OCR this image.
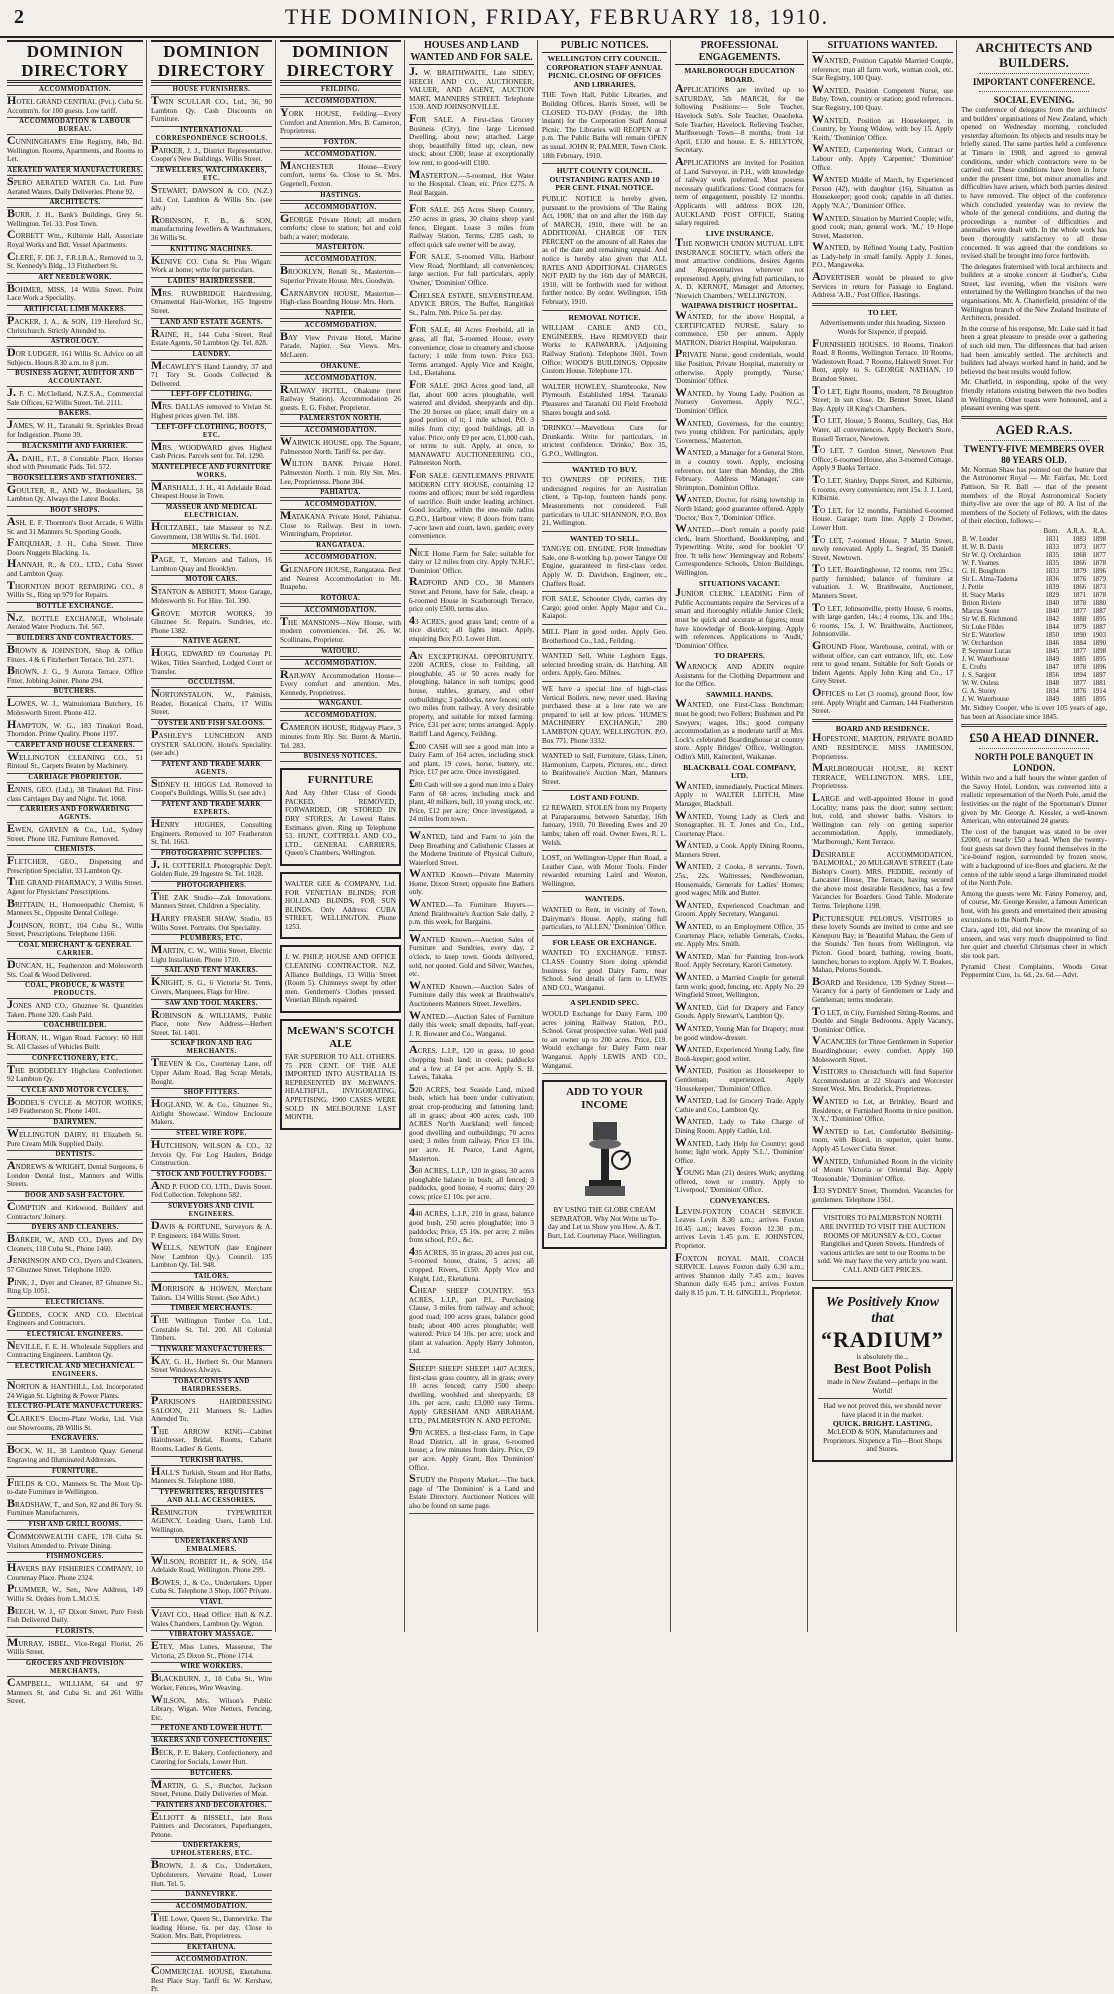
2	THE DOMINION, FRIDAY, FEBRUARY 18, 1910.
DOMINION DIRECTORY
ACCOMMODATION.
HOTEL GRAND CENTRAL (Pvt.). Cuba St. Accomm'n. for 100 guests. Low tariff.
ACCOMMODATION & LABOUR BUREAU.
CUNNINGHAM'S Elite Registry, 84b, Bd. Wellington. Rooms, Apartments, and Rooms to Let.
AERATED WATER MANUFACTURERS.
SPERO AERATED WATER Co. Ltd. Pure Aerated Waters. Daily Deliveries. Phone 92.
ARCHITECTS.
BURR, J. H., Bank's Buildings, Grey St. Wellington. Tel. 33. Post Town.
CORBETT Wm., Kilbirnie Hall, Associate Royal Works and Bdt. Vessel Apartments.
CLERE, F. DE J., F.R.I.B.A., Removed to 3, St. Kennedy's Bldg., 13 Fitzherbert St.
ART NEEDLEWORK.
BOHMER, MISS, 14 Willis Street. Point Lace Work a Speciality.
ARTIFICIAL LIMB MAKERS.
PACKER, J. A., & SON, 119 Hereford St., Christchurch. Strictly Attended to.
ASTROLOGY.
DOR LUDGER, 161 Willis St. Advice on all Subjects. Hours 8.30 a.m. to 8 p.m.
BUSINESS AGENT, AUDITOR AND ACCOUNTANT.
J. F. C. McClelland, N.Z.S.A., Commercial Sale Offices, 62 Willis Street. Tel. 2111.
BAKERS.
JAMES, W. H., Taranaki St. Sprinkles Bread for Indigestion. Phone 39.
BLACKSMITH AND FARRIER.
A. DAHL, F.T., 8 Constable Place. Horses shod with Pneumatic Pads. Tel. 572.
BOOKSELLERS AND STATIONERS.
GOULTER, R., AND W., Booksellers, 58 Lambton Qy. Always the Latest Books.
BOOT SHOPS.
ASH, E. F. Thornton's Boot Arcade, 6 Willis St. and 31 Manners St. Sporting Goods.
FARQUHAR, J. H., Cuba Street. Three Doors Nuggets Blacking. 1s.
HANNAH, R., & CO., LTD., Cuba Street and Lambton Quay.
THORNTON BOOT REPAIRING CO., 8 Willis St., Ring up 979 for Repairs.
BOTTLE EXCHANGE.
N.Z. BOTTLE EXCHANGE, Wholesale Aerated Water Products. Tel. 567.
BUILDERS AND CONTRACTORS.
BROWN & JOHNSTON, Shop & Office Fitters. 4 & 6 Fitzherbert Terrace. Tel. 2371.
BROWN, J. G., 9 Aurora Terrace. Office Fitter, Jobbing Joiner. Phone 294.
BUTCHERS.
LOWES, W. J., Wainuiomata Butchery, 16 Molesworth Street. Phone 412.
HAMPTON, W. G., 183 Tinakori Road, Thorndon. Prime Quality. Phone 1197.
CARPET AND HOUSE CLEANERS.
WELLINGTON CLEANING CO., 51 Rintoul St., Carpets Beaten by Machinery.
CARRIAGE PROPRIETOR.
ENNIS, GEO. (Ltd.), 38 Tinakori Rd. First-class Carriages Day and Night. Tel. 1068.
CARRIERS AND FORWARDING AGENTS.
EWEN, GARVEN & Co., Ltd., Sydney Street. Phone 182. Furniture Removed.
CHEMISTS.
FLETCHER, GEO., Dispensing and Prescription Specialist, 33 Lambton Qy.
THE GRAND PHARMACY, 3 Willis Street. Agent for Physicians' Prescriptions.
BRITTAIN, H., Homoeopathic Chemist, 6 Manners St., Opposite Dental College.
JOHNSON, ROBT., 104 Cuba St., Willis Street, Prescriptions. Telephone 1166.
COAL MERCHANT & GENERAL CARRIER.
DUNCAN, H., Featherston and Molesworth Sts. Coal & Wood Delivered.
COAL, PRODUCE, & WASTE PRODUCTS.
JONES AND CO., Ghuznee St. Quantities Taken. Phone 320. Cash Paid.
COACHBUILDER.
HORAN, H., Wigan Road. Factory: 60 Hill St. All Classes of Vehicles Built.
CONFECTIONERY, ETC.
THE BODDELEY Highclass Confectioner. 92 Lambton Qy.
CYCLE AND MOTOR CYCLES.
BODDEL'S CYCLE & MOTOR WORKS, 149 Featherston St. Phone 1401.
DAIRYMEN.
WELLINGTON DAIRY, 81 Elizabeth St. Pure Cream Milk Supplied Daily.
DENTISTS.
ANDREWS & WRIGHT, Dental Surgeons, 6 London Dental Inst., Manners and Willis Streets.
DOOR AND SASH FACTORY.
COMPTON and Kirkwood, Builders' and Contractors' Joinery.
DYERS AND CLEANERS.
BARKER, W., AND CO., Dyers and Dry Cleaners, 118 Cuba St., Phone 1460.
JENKINSON AND CO., Dyers and Cleaners, 57 Ghuznee Street. Telephone 1020.
PINK, J., Dyer and Cleaner, 87 Ghuznee St., Ring Up 1051.
ELECTRICIANS.
GEDDES, COCK AND CO. Electrical Engineers and Contractors.
ELECTRICAL ENGINEERS.
NEVILLE, F. E. H. Wholesale Suppliers and Contracting Engineers. Lambton Qy.
ELECTRICAL AND MECHANICAL ENGINEERS.
NORTON & HANTHILL, Ltd. Incorporated 24 Wigan St. Lighting & Power Plants.
ELECTRO-PLATE MANUFACTURERS.
CLARKE'S Electro-Plate Works, Ltd. Visit our Showrooms, 28 Willis St.
ENGRAVERS.
BOCK, W. H., 38 Lambton Quay. General Engraving and Illuminated Addresses.
FURNITURE.
FIELDS & CO., Manners St. The Most Up-to-date Furniture in Wellington.
BRADSHAW, T., and Son, 82 and 86 Tory St. Furniture Manufacturers.
FISH AND GRILL ROOMS.
COMMONWEALTH CAFE, 178 Cuba St. Visitors Attended to. Private Dining.
FISHMONGERS.
HAVERS BAY FISHERIES COMPANY, 10 Courtenay Place. Phone 2324.
PLUMMER, W., Sen., New Address, 149 Willis St. Orders from L.M.O.S.
BEECH, W. J., 67 Dixon Street, Pure Fresh Fish Delivered Daily.
FLORISTS.
MURRAY, ISBEL, Vice-Regal Florist, 26 Willis Street.
GROCERS AND PROVISION MERCHANTS.
CAMPBELL, WILLIAM, 64 and 97 Manners St. and Cuba St. and 261 Willis Street.
DOMINION DIRECTORY
HOUSE FURNISHERS.
TWIN SCULLAR CO., Ltd., 36, 90 Lambton Qy. Cash Discounts on Furniture.
INTERNATIONAL CORRESPONDENCE SCHOOLS.
PARKER, J. J., District Representative. Cooper's New Buildings, Willis Street.
JEWELLERS, WATCHMAKERS, ETC.
STEWART, DAWSON & CO. (N.Z.) Ltd. Cor. Lambton & Willis Sts. (see adv.)
ROBINSON, F. B., & SON, manufacturing Jewellers & Watchmakers, 36 Willis St.
KNITTING MACHINES.
KENIVE CO. Cuba St. Plus Wigan: Work at home; write for particulars.
LADIES' HAIRDRESSER.
MRS. RUWBRIDGE Hairdressing, Ornamental Hair-Worker, 165 Ingestre Street.
LAND AND ESTATE AGENTS.
RAINE, H., 144 Cuba Street. Real Estate Agents, 50 Lambton Qy. Tel. 828.
LAUNDRY.
McCAWLEY'S Hand Laundry, 37 and 71 Tory St. Goods Collected & Delivered.
LEFT-OFF CLOTHING.
MRS. DALLAS removed to Vivian St. Highest prices given. Tel. 188.
LEFT-OFF CLOTHING, BOOTS, ETC.
MRS. WOODWARD gives Highest Cash Prices. Parcels sent for. Tel. 1290.
MANTELPIECE AND FURNITURE WORKS.
MARSHALL, J. H., 41 Adelaide Road. Cheapest House in Town.
MASSEUR AND MEDICAL ELECTRICIAN.
HOLTZABEL, late Masseur to N.Z. Government, 138 Willis St. Tel. 1601.
MERCERS.
PAGE, T., Mercers and Tailors, 16 Lambton Quay and Brooklyn.
MOTOR CARS.
STANTON & ABBOTT, Motor Garage, Molesworth St. For Hire. Tel. 390.
GROVE MOTOR WORKS, 39 Ghuznee St. Repairs. Sundries, etc. Phone 1382.
NATIVE AGENT.
HOGG, EDWARD 69 Courtenay Pl. Wikes, Titles Searched, Lodged Court or Transfer.
OCCULTISM.
NORTONSTALON, W., Palmists, Reader, Botanical Charts, 17 Willis Street.
OYSTER AND FISH SALOONS.
PASHLEY'S LUNCHEON AND OYSTER SALOON. Hotel's Speciality. (see adv.)
PATENT AND TRADE MARK AGENTS.
SIDNEY H. HIGGS Ltd. Removed to Cooper's Buildings, Willis St. (see adv.)
PATENT AND TRADE MARK EXPERTS.
HENRY HUGHES, Consulting Engineers. Removed to 107 Featherston St. Tel. 1663.
PHOTOGRAPHIC SUPPLIES.
J. H. COTTERILL Photographic Dep't. Golden Rule, 29 Ingestre St. Tel. 1028.
PHOTOGRAPHERS.
THE ZAK Studio—Zak Innovations. Manners Street. Children a Speciality.
HARRY FRASER SHAW, Studio, 83 Willis Street. Portraits. Out Speciality.
PLUMBERS, ETC.
MARTIN, C. W., Willis Street. Electric Light Installation. Phone 1710.
SAIL AND TENT MAKERS.
KNIGHT, S. G., 6 Victoria St. Tents, Covers, Marquees, Flags for Hire.
SAW AND TOOL MAKERS.
ROBINSON & WILLIAMS, Public Place, note New Address—Herbert Street. Tel. 1401.
SCRAP IRON AND RAG MERCHANTS.
TREVEN & Co., Courtenay Lane, off Upper Adam Road, Bag Scrap Metals, Bought.
SHOP FITTERS.
HOGLAND, W. & Co., Ghuznee St., Airlight Showcase. Window Enclosure Makers.
STEEL WIRE ROPE.
HUTCHISON, WILSON & CO., 32 Jervois Qy. For Log Haulers, Bridge Construction.
STOCK AND POULTRY FOODS.
AND P. FOOD CO. LTD., Davis Street. Fed Collection. Telephone 582.
SURVEYORS AND CIVIL ENGINEERS.
DAVIS & FORTUNE, Surveyors & A. P. Engineers, 184 Willis Street.
WELLS, NEWTON (late Engineer New Lambton Qy.). Council. 135 Lambton Qy. Tel. 948.
TAILORS.
MORRISON & HOWEN, Merchant Tailors. 134 Willis Street. (See Advt.)
TIMBER MERCHANTS.
THE Wellington Timber Co. Ltd., Constable St. Tel. 200. All Colonial Timbers.
TINWARE MANUFACTURERS.
KAY, G. H., Herbert St. Our Manners Street Windows Always.
TOBACCONISTS AND HAIRDRESSERS.
PARKISON'S HAIRDRESSING SALOON, 211 Manners St. Ladies Attended To.
THE ARROW KING—Cabinet Hairdresser, Bridal, Rooms, Cabaret Rooms, Ladies' & Gents.
TURKISH BATHS.
HALL'S Turkish, Steam and Hot Baths, Manners St. Telephone 1080.
TYPEWRITERS, REQUISITES AND ALL ACCESSORIES.
REMINGTON TYPEWRITER AGENCY, Leading Users, Lamb Ltd. Wellington.
UNDERTAKERS AND EMBALMERS.
WILSON, ROBERT H., & SON, 154 Adelaide Road, Wellington. Phone 299.
BOWES, J., & Co., Undertakers. Upper Cuba St. Telephone 3 Shop, 1007 Private.
VIAVI.
VIAVI CO., Head Office: Hall & N.Z. Wales Chambers, Lambton Qy. Wgton.
VIBRATORY MASSAGE.
ETEY, Miss Lunes, Masseuse, The Victoria, 25 Dixon St., Phone 1714.
WIRE WORKERS.
BLACKBURN, J., 18 Cuba St., Wire Worker, Fences, Wire Weaving.
WILSON, Mrs. Wilson's Public Library, Wigan. Wire Netters, Fencing, Etc.
PETONE AND LOWER HUTT.
BAKERS AND CONFECTIONERS.
BECK, P. E. Bakery, Confectionery, and Catering for Socials, Lower Hutt.
BUTCHERS.
MARTIN, G. S., Butcher, Jackson Street, Petone. Daily Deliveries of Meat.
PAINTERS AND DECORATORS.
ELLIOTT & BISSELL, late Ross Painters and Decorators, Paperhangers, Petone.
UNDERTAKERS, UPHOLSTERERS, ETC.
BROWN, J. & Co., Undertakers, Upholsterers. Vervaine Road, Lower Hutt. Tel. 5.
DANNEVIRKE.
ACCOMMODATION.
THE Lowe, Queen St., Dannevirke. The leading House, 6s. per day. Close to Station. Mrs. Batt, Proprietress.
EKETAHUNA.
ACCOMMODATION.
COMMERCIAL HOUSE, Eketahuna. Best Place Stay. Tariff 6s. W. Kershaw, Pr.
DOMINION DIRECTORY
FEILDING.
ACCOMMODATION.
YORK HOUSE, Feilding—Every Comfort and Attention. Mrs. B. Cameron, Proprietress.
FOXTON.
ACCOMMODATION.
MANCHESTER House—Every comfort, terms 6s. Close to St. Mrs. Gugenell, Foxton.
HASTINGS.
ACCOMMODATION.
GEORGE Private Hotel; all modern comforts; close to station; hot and cold bath; a water; moderate.
MASTERTON.
ACCOMMODATION.
BROOKLYN, Renall St., Masterton—Superior Private House. Mrs. Goodwin.
CARNARVON HOUSE, Masterton—High-class Boarding House. Mrs. Horn.
NAPIER.
ACCOMMODATION.
BAY View Private Hotel, Marine Parade, Napier. Sea Views. Mrs. McLaren.
OHAKUNE.
ACCOMMODATION.
RAILWAY HOTEL, Ohakune (next Railway Station). Accommodation 26 guests. E. G. Fisher, Proprietor.
PALMERSTON NORTH.
ACCOMMODATION.
WARWICK HOUSE, opp. The Square, Palmerston North. Tariff 6s. per day.
WILTON BANK Private Hotel. Palmerston North. 1 min. Rly Stn. Mrs. Lee, Proprietress. Phone 304.
PAHIATUA.
ACCOMMODATION.
MATAKANA Private Hotel, Pahiatua. Close to Railway. Best in town. Wintringham, Proprietor.
RANGATAUA.
ACCOMMODATION.
GLENAFON HOUSE, Rangataua. Best and Nearest Accommodation to Mt. Ruapehu.
ROTORUA.
ACCOMMODATION.
THE MANSIONS—New House, with modern conveniences. Tel. 26. W. Scollinans, Proprietor.
WAIOURU.
ACCOMMODATION.
RAILWAY Accommodation House—Every comfort and attention. Mrs. Kennedy, Proprietress.
WANGANUI.
ACCOMMODATION.
CAMERON HOUSE, Ridgway Place, 3 minutes from Rly. Str. Burnt & Martin. Tel. 283.
BUSINESS NOTICES.
FURNITURE
And Any Other Class of Goods PACKED, REMOVED, FORWARDED, OR STORED IN DRY STORES, At Lowest Rates. Estimates given. Ring up Telephone 53. HUNT, COTTRELL AND CO., LTD., GENERAL CARRIERS, Queen's Chambers, Wellington.
WALTER GEE & COMPANY, Ltd. FOR VENETIAN BLINDS, FOR HOLLAND BLINDS, FOR SUN BLINDS. Only Address: CUBA STREET, WELLINGTON. Phone 1253.
J. W. PHILP, HOUSE AND OFFICE CLEANING CONTRACTOR. N.Z. Alliance Buildings, 13 Willis Street (Room 5). Chimneys swept by other men. Gentlemen's Clothes pressed. Venetian Blinds repaired.
McEWAN'S SCOTCH ALE
FAR SUPERIOR TO ALL OTHERS. 75 PER CENT. OF THE ALE IMPORTED INTO AUSTRALIA IS REPRESENTED BY McEWAN'S. HEALTHFUL, INVIGORATING, APPETISING. 1900 CASES WERE SOLD IN MELBOURNE LAST MONTH.
HOUSES AND LAND WANTED AND FOR SALE.
J. W. BRAITHWAITE, Late SIDEY, HEECH AND CO., AUCTIONEER, VALUER, AND AGENT, AUCTION MART, MANNERS STREET. Telephone 1539. AND JOHNSONVILLE.
FOR SALE. A First-class Grocery Business (City), fine large Licensed Dwelling, about new; attached. Large shop, beautifully fitted up; clean, new stock; about £300; lease at exceptionally low rent, to good-will £180.
MASTERTON.—5-roomed, Hot Water to the Hospital. Clean, etc. Price £275. A Real Bargain.
FOR SALE. 265 Acres Sheep Country, 250 acres in grass, 30 chains sheep yard fence, Elegant. Lease 3 miles from Railway Station, Terms, £285 cash, to effect quick sale owner will be away.
FOR SALE, 5-roomed Villa, Harbour View Road, Northland; all conveniences; large section. For full particulars, apply 'Owner,' 'Dominion' Office.
CHELSEA ESTATE, SILVERSTREAM. ADVICE BROS, The Buffet, Rangitikei St., Palm. Nth. Price 5s. per day.
FOR SALE, 48 Acres Freehold, all in grass, all flat, 5-roomed House, every convenience; close to creamery and choose factory; 1 mile from town. Price £63. Terms arranged. Apply Vice and Knight, Ltd., Eketahuna.
FOR SALE. 2063 Acres good land, all flat, about 600 acres ploughable, well watered and divided, sheepyards and dip. The 20 horses on place; small dairy on a good portion of it; 1 mile school, P.O. 3 miles from city; good buildings, all in value. Price, only £9 per acre, £1,000 cash, or terms to suit. Apply, at once, to MANAWATU AUCTIONEERING CO., Palmerston North.
FOR SALE. GENTLEMAN'S PRIVATE MODERN CITY HOUSE, containing 12 rooms and offices; must be sold regardless of sacrifice. Built under leading architect. Good locality, within the one-mile radius G.P.O., Harbour view; 8 doors from tram; 7-acre lawn and court, lawn, garden; every convenience.
NICE Home Farm for Sale; suitable for dairy or 12 miles from city. Apply 'N.H.F.', 'Dominion' Office.
RADFORD AND CO., 38 Manners Street and Petone, have for Sale, cheap, a 6-roomed House in Scarborough Terrace, price only £500, terms also.
43 ACRES, good grass land; centre of a nice district; all lights intact. Apply, enquiring Box P.O. Lower Hutt.
AN EXCEPTIONAL OPPORTUNITY. 2200 ACRES, close to Feilding, all ploughable, 45 or 50 acres ready for ploughing, balance in soft turnips; good house, stables, granary, and other outbuildings; 3 paddocks, new fences; only two miles from railway. A very desirable property, and suitable for mixed farming. Price, £31 per acre; terms arranged. Apply Ratliff Land Agency, Feilding.
£200 CASH will see a good man into a Dairy Farm of 164 acres, including stock and plant, 19 cows, horse, buttery, etc. Price, £17 per acre. Once investigated.
£80 Cash will see a good man into a Dairy Farm of 68 acres, including stock and plant, 40 milkers, bull, 10 young stock, etc. Price, £12 per acre; Once investigated, a 24 miles from town.
WANTED, land and Farm to join the Deep Breathing and Calisthenic Classes at the Moderne Institute of Physical Culture, Waterford Street.
WANTED Known—Private Maternity Home, Dixon Street; opposite fine Bathers only.
WANTED.—To Furniture Buyers.—Attend Braithwaite's Auction Sale daily, 2 p.m. this week, for Bargains.
WANTED Known.—Auction Sales of Furniture and Sundries, every day, 2 o'clock, to keep town. Goods delivered, sold, not quoted. Gold and Silver, Watches, etc.
WANTED Known.—Auction Sales of Furniture daily this week at Braithwaite's Auctioneers Manners Street. Jewellers.
WANTED.—Auction Sales of Furniture daily this week; small deposits, half-year, J. R. Bowater and Co., Wanganui.
ACRES, L.I.P., 120 in grass, 10 good chopping bush land; in creek; paddocks and a few at £4 per acre. Apply S. H. Lawes, Takaka.
520 ACRES, best Seaside Land, mixed bush, which has been under cultivation; great crop-producing and fattening land; all in grass; about 400 acres; cash, 100 ACRES Nor'th Auckland; well fenced; good dwelling and outbuildings; 70 acres used; 3 miles from railway. Price £3 10s. per acre. H. Pearce, Land Agent, Masterton.
360 ACRES, L.I.P., 120 in grass, 30 acres ploughable balance in bush; all fenced; 3 paddocks, good house, 4 rooms; dairy 20 cows; price £1 10s. per acre.
440 ACRES, L.I.P., 210 in grass, balance good bush, 250 acres ploughable; into 3 paddocks; Price, £5 10s. per acre; 2 miles from school, P.O., &c.
435 ACRES, 35 in grass, 20 acres just cut, 5-roomed house, drains, 5 acres; all cropped. Rivers, £150. Apply Vice and Knight, Ltd., Eketahuna.
CHEAP SHEEP COUNTRY. 953 ACRES, L.I.P., part P.L. Purchasing Clause, 3 miles from railway and school; good road; 100 acres grass, balance good bush; about 400 acres ploughable; well watered. Price £4 10s. per acre; stock and plant at valuation. Apply Harry Johnston, Ltd.
SHEEP! SHEEP! SHEEP! 1407 ACRES, first-class grass country, all in grass; every 10 acres fenced; carry 1500 sheep; dwelling, woolshed and sheepyards; £8 10s. per acre, cash; £3,000 easy Terms. Apply GRESHAM AND ABRAHAM, LTD., PALMERSTON N. AND PETONE.
970 ACRES, a first-class Farm, in Cape Road District, all in grass, 6-roomed house; a few minutes from dairy. Price, £9 per acre. Apply Grant, Box 'Dominion' Office.
STUDY the Property Market.—The back page of 'The Dominion' is a Land and Estate Directory. Auctioneer Notices will also be found on same page.
PUBLIC NOTICES.
WELLINGTON CITY COUNCIL. CORPORATION STAFF ANNUAL PICNIC. CLOSING OF OFFICES AND LIBRARIES.
THE Town Hall, Public Libraries, and Building Offices, Harris Street, will be CLOSED TO-DAY (Friday, the 18th instant) for the Corporation Staff Annual Picnic. The Libraries will REOPEN at 7 p.m. The Public Baths will remain OPEN as usual. JOHN R. PALMER, Town Clerk. 18th February, 1910.
HUTT COUNTY COUNCIL. OUTSTANDING RATES AND 10 PER CENT. FINAL NOTICE.
PUBLIC NOTICE is hereby given, pursuant to the provisions of 'The Rating Act, 1908,' that on and after the 16th day of MARCH, 1910, there will be an ADDITIONAL CHARGE OF TEN PERCENT on the amount of all Rates due as of the date and remaining unpaid. And notice is hereby also given that ALL RATES AND ADDITIONAL CHARGES NOT PAID by the 16th day of MARCH, 1910, will be forthwith sued for without further notice. By order. Wellington, 15th February, 1910.
REMOVAL NOTICE.
WILLIAM CABLE AND CO., ENGINEERS, Have REMOVED their Works to KAIWARRA. (Adjoining Railway Station). Telephone 3601. Town Office: WOOD'S BUILDINGS, Opposite Custom House. Telephone 171.
WALTER HOWLEY, Shambrooke, New Plymouth. Established 1894. Taranaki Pleasures and Taranaki Oil Field Freehold Shares bought and sold.
'DRINKO.'—Marvellous Cure for Drunkards. Write for particulars, in strictest confidence. 'Drinko,' Box 35, G.P.O., Wellington.
WANTED TO BUY.
TO OWNERS OF PONIES. THE undersigned requires for an Australian client, a Tip-top, fourteen hands pony. Measurements not considered. Full particulars to ULIC SHANNON, P.O. Box 21, Wellington.
WANTED TO SELL.
TANGYE OIL ENGINE. FOR Immediate Sale, one 8-working h.p. power Tangye Oil Engine, guaranteed in first-class order. Apply W. D. Davidson, Engineer, etc., Chaffers Road.
FOR SALE, Schooner Clyde, carries dry Cargo; good order. Apply Major and Co., Kaiapoi.
MILL Plant in good order. Apply Geo. Brotherhood Co., Ltd., Feilding.
WANTED Sell, White Leghorn Eggs, selected breeding strain, ds. Hatching. All orders. Apply, Geo. Milnes.
WE have a special line of high-class Vertical Boilers, new, never used. Having purchased these at a low rate we are prepared to sell at low prices. 'HUME'S MACHINERY EXCHANGE,' 280 LAMBTON QUAY, WELLINGTON. P.O. Box 771. Phone 3332.
WANTED to Sell, Furniture, Glass, Linen, Harmonium, Carpets, Pictures, etc., direct to Braithwaite's Auction Mart, Manners Street.
LOST AND FOUND.
£2 REWARD. STOLEN from my Property at Paraparaumu, between Saturday, 16th January, 1910, 70 Breeding Ewes and 20 lambs; taken off road. Owner Ewes, R. L. Welsh.
LOST, on Wellington-Upper Hutt Road, a Leather Case, with Motor Tools. Finder rewarded returning Laird and Weston, Wellington.
WANTEDS.
WANTED to Rent, in vicinity of Town, Dairyman's House. Apply, stating full particulars, to 'ALLEN,' 'Dominion' Office.
FOR LEASE OR EXCHANGE.
WANTED TO EXCHANGE. FIRST-CLASS Country Store doing splendid business for good Dairy Farm, near School. Send details of farm to LEWIS AND CO., Wanganui.
A SPLENDID SPEC.
WOULD Exchange for Dairy Farm, 100 acres joining Railway Station, P.O., School. Great prospective value. Well paid to an owner up to 200 acres. Price, £19. Would exchange for Dairy Farm near Wanganui. Apply LEWIS AND CO., Wanganui.
ADD TO YOUR INCOME
BY USING THE GLOBE CREAM SEPARATOR. Why Not Write us To-day and Let us Show you How. A. & T. Burt, Ltd. Courtenay Place, Wellington.
PROFESSIONAL ENGAGEMENTS.
MARLBOROUGH EDUCATION BOARD.
APPLICATIONS are invited up to SATURDAY, 5th MARCH, for the following Positions:— Sole Teacher, Havelock Sub's. Sole Teacher, Ouaoheka. Sole Teacher, Havelock. Relieving Teacher, Marlborough Town—8 months, from 1st April, £130 and house. E. S. HELYTON, Secretary.
APPLICATIONS are invited for Position of Land Surveyor, in P.H., with knowledge of railway work preferred. Must possess necessary qualifications. Good contracts for term of engagement, possibly 12 months. Applicants will address BOX 120, AUCKLAND POST OFFICE, Stating salary required.
LIVE INSURANCE.
THE NORWICH UNION MUTUAL LIFE INSURANCE SOCIETY, which offers the most attractive conditions, desires Agents and Representatives wherever not represented. Apply, giving full particulars, to A. D. KERNOT, Manager and Attorney, 'Norwich Chambers,' WELLINGTON.
WAIPAWA DISTRICT HOSPITAL.
WANTED, for the above Hospital, a CERTIFICATED NURSE. Salary to commence, £50 per annum. Apply MATRON, District Hospital, Waipukurau.
PRIVATE Nurse, good credentials, would like Position, Private Hospital, maternity or otherwise. Apply promptly, 'Nurse,' 'Dominion' Office.
WANTED, by Young Lady, Position as Nursery Governess. Apply 'N.G.', 'Dominion' Office.
WANTED, Governess, for the country; two young children. For particulars, apply 'Governess,' Masterton.
WANTED, a Manager for a General Store, in a country town. Apply, enclosing reference, not later than Monday, the 28th February. Address 'Manager,' care Shrimpton, Dominion Office.
WANTED, Doctor, for rising township in North Island; good guarantee offered. Apply 'Doctor,' Box 7, 'Dominion' Office.
WANTED.—Don't remain a poorly paid clerk, learn Shorthand, Bookkeeping, and Typewriting. Write, send for booklet 'O' free. 'It tells how.' Hemingway and Roberts' Correspondence Schools, Union Buildings, Wellington.
SITUATIONS VACANT.
JUNIOR CLERK. LEADING Firm of Public Accountants require the Services of a smart and thoroughly reliable Junior Clerk; must be quick and accurate at figures; must have knowledge of Book-keeping. Apply with references. Applications to 'Audit,' 'Dominion' Office.
TO DRAPERS.
WARNOCK AND ADEIN require Assistants for the Clothing Department and for the Office.
SAWMILL HANDS.
WANTED, one First-Class Benchman; must be good; two Fellers; Bushmen and Pit Sawyers; wages, 10s.; good company accommodation as a moderate tariff at Mrs. Lock's celebrated Boardinghouse at country store. Apply Bridges' Office, Wellington. Odlin's Mill, Kaiteriteri, Waikanae.
BLACKBALL COAL COMPANY, LTD.
WANTED, immediately, Practical Miners. Apply to WALTER LEITCH, Mine Manager, Blackball.
WANTED, Young Lady as Clerk and Stenographer. H. T. Jones and Co., Ltd., Courtenay Place.
WANTED, a Cook. Apply Dining Rooms, Manners Street.
WANTED, 2 Cooks, 8 servants, Town, 25s., 22s. Waitresses, Needlewoman, Housemaids, Generals for Ladies' Homes; good wages; Milk and Butter.
WANTED, Experienced Coachman and Groom. Apply Secretary, Wanganui.
WANTED, to an Employment Office, 35 Courtenay Place, reliable Generals, Cooks, etc. Apply Mrs. Smith.
WANTED, Man for Painting Iron-work Roof. Apply Secretary, Karori Cemetery.
WANTED, a Married Couple for general farm work; good, fencing, etc. Apply No. 29 Wingfield Street, Wellington.
WANTED, Girl for Drapery and Fancy Goods. Apply Stewart's, Lambton Qy.
WANTED, Young Man for Drapery; must be good window-dresser.
WANTED, Experienced Young Lady, fine Book-keeper; good writer.
WANTED, Position as Housekeeper to Gentleman; experienced. Apply 'Housekeeper,' 'Dominion' Office.
WANTED, Lad for Grocery Trade. Apply Cathie and Co., Lambton Qy.
WANTED, Lady to Take Charge of Dining Room. Apply Cathie, Ltd.
WANTED, Lady Help for Country; good home; light work. Apply 'S.L.', 'Dominion' Office.
YOUNG Man (21) desires Work; anything offered, town or country. Apply to 'Liverpool,' 'Dominion' Office.
CONVEYANCES.
LEVIN-FOXTON COACH SERVICE. Leaves Levin 8.30 a.m.; arrives Foxton 10.45 a.m.; leaves Foxton 12.30 p.m.; arrives Levin 1.45 p.m. E. JOHNSTON, Proprietor.
FOXTON ROYAL MAIL COACH SERVICE. Leaves Foxton daily 6.30 a.m.; arrives Shannon daily 7.45 a.m.; leaves Shannon daily 6.45 p.m.; arrives Foxton daily 8.15 p.m. T. H. GINGELL, Proprietor.
SITUATIONS WANTED.
WANTED, Position Capable Married Couple, reference; man all farm work, woman cook, etc. Star Registry, 100 Quay.
WANTED, Position Competent Nurse, use Baby, Town, country or station; good references. Star Registry, 100 Quay.
WANTED, Position as Housekeeper, in Country, by Young Widow, with boy 15. Apply 'Keith,' 'Dominion' Office.
WANTED, Carpentering Work, Contract or Labour only. Apply 'Carpenter,' 'Dominion' Office.
WANTED Middle of March, by Experienced Person (42), with daughter (16), Situation as Housekeeper; good cook; capable in all duties. Apply 'N.A.', 'Dominion' Office.
WANTED, Situation by Married Couple; wife, good cook; man, general work. 'M.,' 19 Hope Street, Masterton.
WANTED, by Refined Young Lady, Position as Lady-help in small family. Apply J. Jones, P.O., Mangaweka.
ADVERTISER would be pleased to give Services in return for Passage to England. Address 'A.B.,' Post Office, Hastings.
TO LET.
Advertisements under this heading, Sixteen Words for Sixpence, if prepaid.
FURNISHED HOUSES. 10 Rooms, Tinakori Road. 8 Rooms, Wellington Terrace. 10 Rooms, Wadestown Road. 7 Rooms, Halswell Street. For Rent, apply to S. GEORGE NATHAN, 10 Brandon Street.
TO LET, Eight Rooms, modern, 78 Broughton Street; in sun close. Dr. Bennet Street, Island Bay. Apply 18 King's Chambers.
TO LET, House, 5 Rooms, Scullery, Gas, Hot Water, all conveniences. Apply Beckett's Store, Russell Terrace, Newtown.
TO LET, 7 Gordon Street, Newtown Post Office; 6-roomed House, also 3-roomed Cottage. Apply 9 Banks Terrace.
TO LET, Stanley, Dupps Street, and Kilbirnie, 6 rooms, every convenience; rent 15s. J. J. Lord, Kilbirnie.
TO LET, for 12 months, Furnished 6-roomed House. Garage; tram line. Apply 2 Downer, Lower Hutt.
TO LET, 7-roomed House, 7 Martin Street, newly renovated. Apply L. Segrief, 35 Daniell Street, Newtown.
TO LET, Boardinghouse, 12 rooms, rent 25s.; partly furnished; balance of furniture at valuation. J. W. Braithwaite, Auctioneer, Manners Street.
TO LET, Johnsonville, pretty House, 6 rooms, with large garden, 14s.; 4 rooms, 13s. and 10s.; 6 rooms, 15s. J. W. Braithwaite, Auctioneer, Johnsonville.
GROUND Floor, Warehouse, central, with or without office, can cart entrance, lift, etc. Low rent to good tenant. Suitable for Soft Goods or Indent Agents. Apply John King and Co., 17 Grey Street.
OFFICES to Let (3 rooms), ground floor, low rent. Apply Wright and Carman, 144 Featherston Street.
BOARD AND RESIDENCE.
HOPESTONE, MARTON, PRIVATE BOARD AND RESIDENCE. MISS JAMIESON, Proprietress.
MARLBOROUGH HOUSE, 81 KENT TERRACE, WELLINGTON. MRS. LEE, Proprietress.
LARGE and well-appointed House in good Locality; trams pass the door; sunny section; hot, cold, and shower baths. Visitors to Wellington can rely on getting superior accommodation. Apply, immediately, 'Marlborough,' Kent Terrace.
DESIRABLE ACCOMMODATION, 'BALMORAL,' 20 MULGRAVE STREET (Late Bishop's Court). MRS. PEDDIE, recently of Lancaster House, The Terrace, having secured the above most desirable Residence, has a few Vacancies for Boarders. Good Table. Moderate Terms. Telephone 1198.
PICTURESQUE PELORUS. VISITORS to these lovely Sounds are invited to come and see Kenepuru Bay; in 'Beautiful Mahau, the Gem of the Sounds.' Ten hours from Wellington, via Picton. Good board, bathing, rowing boats, launches, horses to explore. Apply W. T. Boakes, Mahau, Pelorus Sounds.
BOARD and Residence, 139 Sydney Street—Vacancy for a party of Gentlemen or Lady and Gentleman; terms moderate.
TO LET, in City, Furnished Sitting-Rooms, and Double and Single Bedrooms. Apply Vacancy, 'Dominion' Office.
VACANCIES for Three Gentlemen in Superior Boardinghouse; every comfort. Apply 160 Molesworth Street.
VISITORS to Christchurch will find Superior Accommodation at 22 Sloan's and Worcester Street West. Mrs. Broderick, Proprietress.
WANTED to Let, at Brinkley, Board and Residence, or Furnished Rooms in nice position. 'X.Y.,' 'Dominion' Office.
WANTED to Let, Comfortable Bedsitting-room, with Board, in superior, quiet home. Apply 45 Lower Cuba Street.
WANTED, Unfurnished Room in the vicinity of Mount Victoria or Oriental Bay. Apply 'Reasonable,' 'Dominion' Office.
133 SYDNEY Street, Thorndon. Vacancies for gentlemen. Telephone 1561.
VISITORS TO PALMERSTON NORTH ARE INVITED TO VISIT THE AUCTION ROOMS OF MOUNSEY & CO., Corner Rangitikei and Queen Streets. Hundreds of various articles are sent to our Rooms to be sold. We may have the very article you want. CALL AND GET PRICES.
We Positively Know that
“RADIUM”
is absolutely the...
Best Boot Polish
made in New Zealand—perhaps in the World!
Had we not proved this, we should never have placed it in the market.
QUICK. BRIGHT. LASTING.
McLEOD & SON, Manufacturers and Proprietors. Sixpence a Tin—Boot Shops and Stores.
ARCHITECTS AND BUILDERS.
IMPORTANT CONFERENCE.
SOCIAL EVENING.
The conference of delegates from the architects' and builders' organisations of New Zealand, which opened on Wednesday morning, concluded yesterday afternoon. Its objects and results may be briefly stated. The same parties held a conference at Timaru in 1908, and agreed to general conditions, under which contractors were to be carried out. These conditions have been in force under the present time, but minor anomalies and difficulties have arisen, which both parties desired to have removed. The object of the conference which concluded yesterday was to review the whole of the general conditions, and during the proceedings a number of difficulties and anomalies were dealt with. In the whole work has been thoroughly satisfactory to all those concerned. It was agreed that the conditions so revised shall be brought into force forthwith.
The delegates fraternised with local architects and builders at a smoke concert at Godber's, Cuba Street, last evening, when the visitors were entertained by the Wellington branches of the two organisations. Mr. A. Chatterfield, president of the Wellington branch of the New Zealand Institute of Architects, presided.
In the course of his response, Mr. Luke said it had been a great pleasure to preside over a gathering of such old men. The differences that had arisen had been amicably settled. The architects and builders had always worked hand in hand, and he believed the best results would follow.
Mr. Chatfield, in responding, spoke of the very friendly relations existing between the two bodies in Wellington. Other toasts were honoured, and a pleasant evening was spent.
AGED R.A.S.
TWENTY-FIVE MEMBERS OVER 80 YEARS OLD.
Mr. Norman Shaw has pointed out the feature that the Astronomer Royal — Mr. Fairfax, Mr. Lord Pattison, Sir R. Ball — that of the present members of the Royal Astronomical Society thirty-five are over the age of 80. A list of the members of the Society of Fellows, with the dates of their election, follows:—
	Born.	A.R.A.	R.A.
B. W. Leader	1831	1883	1898
H. W. B. Davis	1833	1873	1877
Sir W. Q. Orchardson	1835	1868	1877
W. F. Yeames	1835	1866	1878
G. H. Boughton	1833	1879	1896
Sir L. Alma-Tadema	1836	1876	1879
J. Pettie	1839	1866	1873
H. Stacy Marks	1829	1871	1878
Briton Riviere	1840	1878	1880
Marcus Stone	1840	1877	1887
Sir W. B. Richmond	1842	1888	1895
Sir Luke Fildes	1844	1879	1887
Sir E. Waterlow	1850	1890	1903
W. Orchardson	1846	1884	1890
P. Seymour Lucas	1845	1877	1898
J. W. Waterhouse	1849	1885	1895
E. Crofts	1847	1878	1896
J. S. Sargent	1856	1894	1897
W. W. Ouless	1848	1877	1881
G. A. Storey	1834	1876	1914
J. W. Waterhouse	1849	1885	1895
Mr. Sidney Cooper, who is over 105 years of age, has been an Associate since 1845.
£50 A HEAD DINNER.
NORTH POLE BANQUET IN LONDON.
Within two and a half hours the winter garden of the Savoy Hotel, London, was converted into a realistic representation of the North Pole, amid the festivities on the night of the Sportsman's Dinner given by Mr. George A. Kessler, a well-known American, who entertained 24 guests.
The cost of the banquet was stated to be over £2000, or nearly £50 a head. When the twenty-four guests sat down they found themselves in the 'ice-bound' region, surrounded by frozen snow, with a background of ice-floes and glaciers. At the centre of the table stood a large illuminated model of the North Pole.
Among the guests were Mr. Fanny Pomeroy, and, of course, Mr. George Kessler, a famous American host, with his guests and entertained their amusing excursions to the North Pole.
Clara, aged 101, did not know the meaning of so unseen, and was very much disappointed to find her quiet and cheerful Christmas cheer in which she took part.
Pyramid Chest Complaints, Woods Great Peppermint Cure, 1s. 6d., 2s. 6d.—Advt.
